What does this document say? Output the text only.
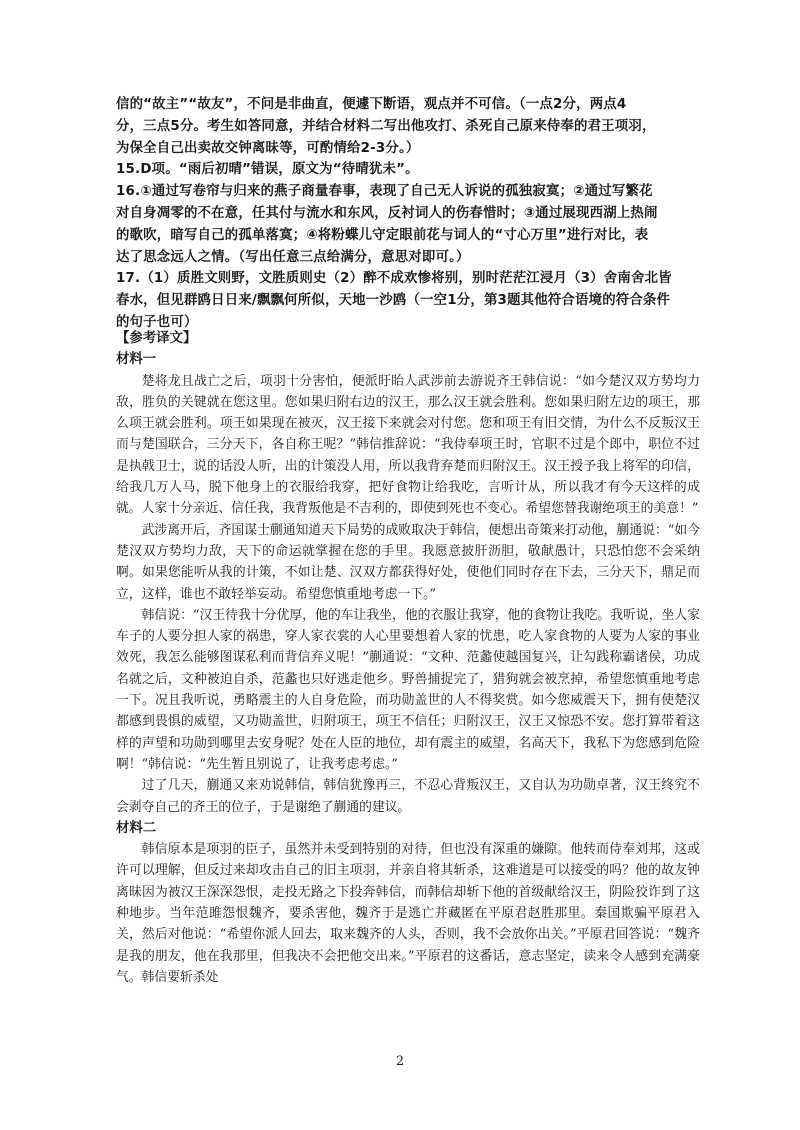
信的“故主”“故友”，不问是非曲直，便遽下断语，观点并不可信。（一点2分，两点4

分，三点5分。考生如答同意，并结合材料二写出他攻打、杀死自己原来侍奉的君王项羽，

为保全自己出卖故交钟离昧等，可酌情给2-3分。）

15.D项。“雨后初晴”错误，原文为“待晴犹未”。

16.①通过写卷帘与归来的燕子商量春事，表现了自己无人诉说的孤独寂寞；②通过写繁花

对自身凋零的不在意，任其付与流水和东风，反衬词人的伤春惜时；③通过展现西湖上热闹

的歌吹，暗写自己的孤单落寞；④将粉蝶儿守定眼前花与词人的“寸心万里”进行对比，表

达了思念远人之情。（写出任意三点给满分，意思对即可。）

17.（1）质胜文则野，文胜质则史（2）醉不成欢惨将别，别时茫茫江浸月（3）舍南舍北皆

春水，但见群鸥日日来/飘飘何所似，天地一沙鸥（一空1分，第3题其他符合语境的符合条件

的句子也可）

【参考译文】

材料一

楚将龙且战亡之后，项羽十分害怕，便派盱眙人武涉前去游说齐王韩信说：“如今楚汉双方势均力敌，胜负的关键就在您这里。您如果归附右边的汉王，那么汉王就会胜利。您如果归附左边的项王，那么项王就会胜利。项王如果现在被灭，汉王接下来就会对付您。您和项王有旧交情，为什么不反叛汉王而与楚国联合，三分天下，各自称王呢？”韩信推辞说：“我侍奉项王时，官职不过是个郎中，职位不过是执戟卫士，说的话没人听，出的计策没人用，所以我背弃楚而归附汉王。汉王授予我上将军的印信，给我几万人马，脱下他身上的衣服给我穿，把好食物让给我吃，言听计从，所以我才有今天这样的成就。人家十分亲近、信任我，我背叛他是不吉利的，即使到死也不变心。希望您替我谢绝项王的美意！”

武涉离开后，齐国谋士蒯通知道天下局势的成败取决于韩信，便想出奇策来打动他，蒯通说：“如今楚汉双方势均力敌，天下的命运就掌握在您的手里。我愿意披肝沥胆，敬献愚计，只恐怕您不会采纳啊。如果您能听从我的计策，不如让楚、汉双方都获得好处，使他们同时存在下去，三分天下，鼎足而立，这样，谁也不敢轻举妄动。希望您慎重地考虑一下。”

韩信说：“汉王待我十分优厚，他的车让我坐，他的衣服让我穿，他的食物让我吃。我听说，坐人家车子的人要分担人家的祸患，穿人家衣裳的人心里要想着人家的忧患，吃人家食物的人要为人家的事业效死，我怎么能够图谋私利而背信弃义呢！”蒯通说：“文种、范蠡使越国复兴，让勾践称霸诸侯，功成名就之后，文种被迫自杀，范蠡也只好逃走他乡。野兽捕捉完了，猎狗就会被烹掉，希望您慎重地考虑一下。况且我听说，勇略震主的人自身危险，而功勋盖世的人不得奖赏。如今您威震天下，拥有使楚汉都感到畏惧的威望，又功勋盖世，归附项王，项王不信任；归附汉王，汉王又惊恐不安。您打算带着这样的声望和功勋到哪里去安身呢？处在人臣的地位，却有震主的威望，名高天下，我私下为您感到危险啊！”韩信说：“先生暂且别说了，让我考虑考虑。”

过了几天，蒯通又来劝说韩信，韩信犹豫再三，不忍心背叛汉王，又自认为功勋卓著，汉王终究不会剥夺自己的齐王的位子，于是谢绝了蒯通的建议。

材料二

韩信原本是项羽的臣子，虽然并未受到特别的对待，但也没有深重的嫌隙。他转而侍奉刘邦，这或许可以理解，但反过来却攻击自己的旧主项羽，并亲自将其斩杀，这难道是可以接受的吗？他的故友钟离昧因为被汉王深深怨恨，走投无路之下投奔韩信，而韩信却斩下他的首级献给汉王，阴险狡诈到了这种地步。当年范雎怨恨魏齐，要杀害他，魏齐于是逃亡并藏匿在平原君赵胜那里。秦国欺骗平原君入关，然后对他说：“希望你派人回去，取来魏齐的人头，否则，我不会放你出关。”平原君回答说：“魏齐是我的朋友，他在我那里，但我决不会把他交出来。”平原君的这番话，意志坚定，读来令人感到充满豪气。韩信要斩杀处

2
